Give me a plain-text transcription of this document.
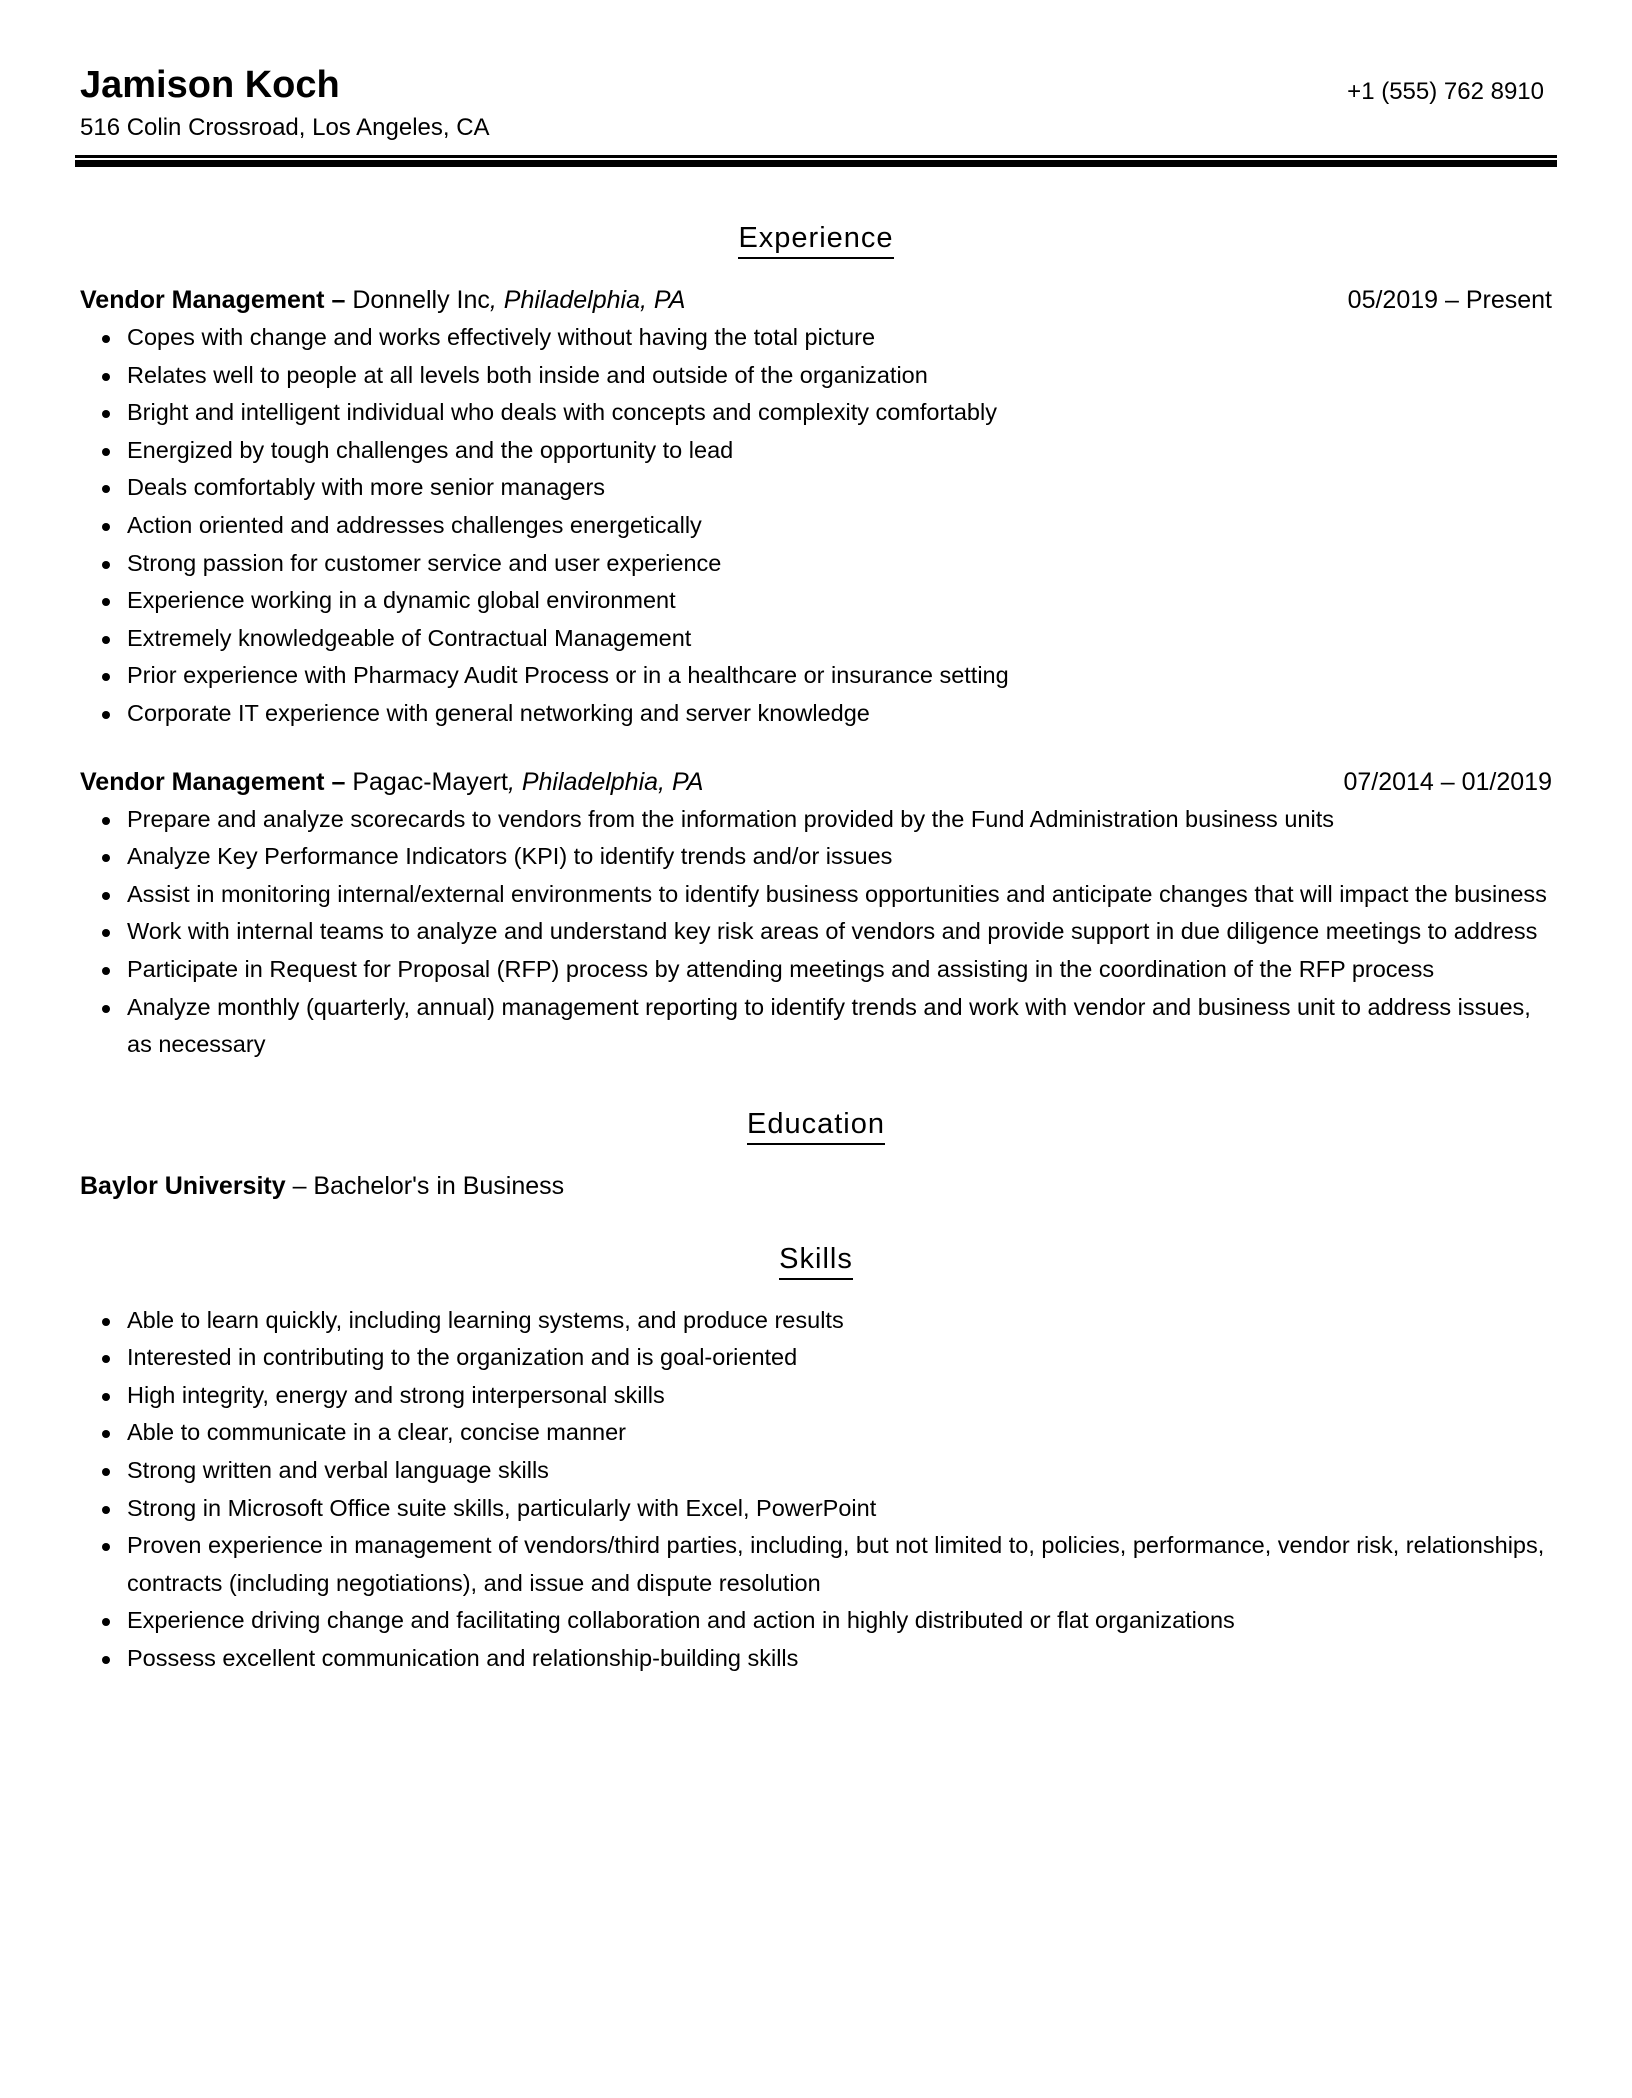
Jamison Koch
516 Colin Crossroad, Los Angeles, CA
+1 (555) 762 8910
Experience
Vendor Management – Donnelly Inc, Philadelphia, PA	05/2019 – Present
Copes with change and works effectively without having the total picture
Relates well to people at all levels both inside and outside of the organization
Bright and intelligent individual who deals with concepts and complexity comfortably
Energized by tough challenges and the opportunity to lead
Deals comfortably with more senior managers
Action oriented and addresses challenges energetically
Strong passion for customer service and user experience
Experience working in a dynamic global environment
Extremely knowledgeable of Contractual Management
Prior experience with Pharmacy Audit Process or in a healthcare or insurance setting
Corporate IT experience with general networking and server knowledge
Vendor Management – Pagac-Mayert, Philadelphia, PA	07/2014 – 01/2019
Prepare and analyze scorecards to vendors from the information provided by the Fund Administration business units
Analyze Key Performance Indicators (KPI) to identify trends and/or issues
Assist in monitoring internal/external environments to identify business opportunities and anticipate changes that will impact the business
Work with internal teams to analyze and understand key risk areas of vendors and provide support in due diligence meetings to address
Participate in Request for Proposal (RFP) process by attending meetings and assisting in the coordination of the RFP process
Analyze monthly (quarterly, annual) management reporting to identify trends and work with vendor and business unit to address issues, as necessary
Education
Baylor University – Bachelor's in Business
Skills
Able to learn quickly, including learning systems, and produce results
Interested in contributing to the organization and is goal-oriented
High integrity, energy and strong interpersonal skills
Able to communicate in a clear, concise manner
Strong written and verbal language skills
Strong in Microsoft Office suite skills, particularly with Excel, PowerPoint
Proven experience in management of vendors/third parties, including, but not limited to, policies, performance, vendor risk, relationships, contracts (including negotiations), and issue and dispute resolution
Experience driving change and facilitating collaboration and action in highly distributed or flat organizations
Possess excellent communication and relationship-building skills
